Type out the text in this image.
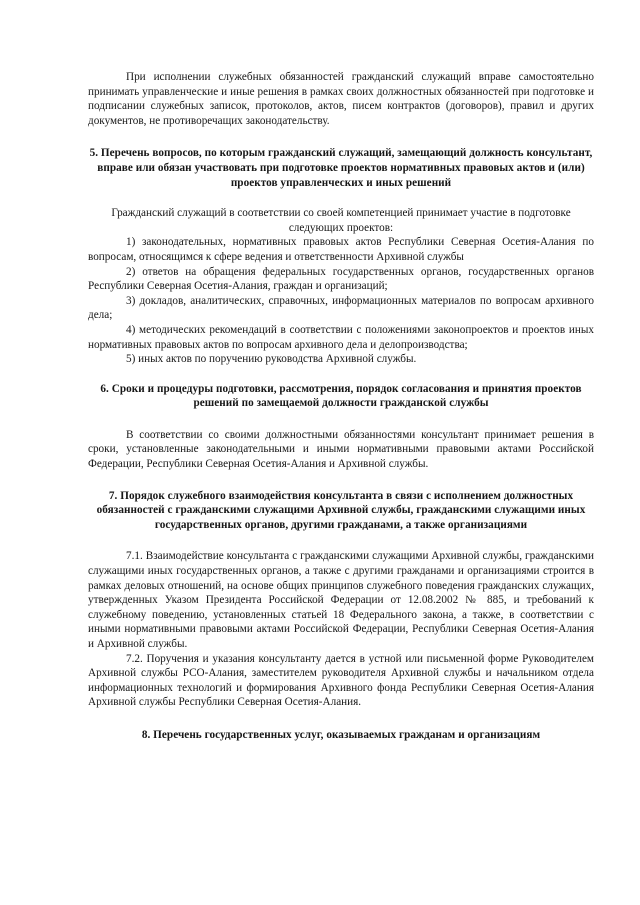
При исполнении служебных обязанностей гражданский служащий вправе самостоятельно принимать управленческие и иные решения в рамках своих должностных обязанностей при подготовке и подписании служебных записок, протоколов, актов, писем контрактов (договоров), правил и других документов, не противоречащих законодательству.

5. Перечень вопросов, по которым гражданский служащий, замещающий должность консультант, вправе или обязан участвовать при подготовке проектов нормативных правовых актов и (или) проектов управленческих и иных решений

Гражданский служащий в соответствии со своей компетенцией принимает участие в подготовке следующих проектов:

1) законодательных, нормативных правовых актов Республики Северная Осетия-Алания по вопросам, относящимся к сфере ведения и ответственности Архивной службы

2) ответов на обращения федеральных государственных органов, государственных органов Республики Северная Осетия-Алания, граждан и организаций;

3) докладов, аналитических, справочных, информационных материалов по вопросам архивного дела;

4) методических рекомендаций в соответствии с положениями законопроектов и проектов иных нормативных правовых актов по вопросам архивного дела и делопроизводства;

5) иных актов по поручению руководства Архивной службы.

6. Сроки и процедуры подготовки, рассмотрения, порядок согласования и принятия проектов решений по замещаемой должности гражданской службы

В соответствии со своими должностными обязанностями консультант принимает решения в сроки, установленные законодательными и иными нормативными правовыми актами Российской Федерации, Республики Северная Осетия-Алания и Архивной службы.

7. Порядок служебного взаимодействия консультанта в связи с исполнением должностных обязанностей с гражданскими служащими Архивной службы, гражданскими служащими иных государственных органов, другими гражданами, а также организациями

7.1. Взаимодействие консультанта с гражданскими служащими Архивной службы, гражданскими служащими иных государственных органов, а также с другими гражданами и организациями строится в рамках деловых отношений, на основе общих принципов служебного поведения гражданских служащих, утвержденных Указом Президента Российской Федерации от 12.08.2002 № 885, и требований к служебному поведению, установленных статьей 18 Федерального закона, а также, в соответствии с иными нормативными правовыми актами Российской Федерации, Республики Северная Осетия-Алания и Архивной службы.

7.2. Поручения и указания консультанту дается в устной или письменной форме Руководителем Архивной службы РСО-Алания, заместителем руководителя Архивной службы и начальником отдела информационных технологий и формирования Архивного фонда Республики Северная Осетия-Алания Архивной службы Республики Северная Осетия-Алания.

8. Перечень государственных услуг, оказываемых гражданам и организациям
